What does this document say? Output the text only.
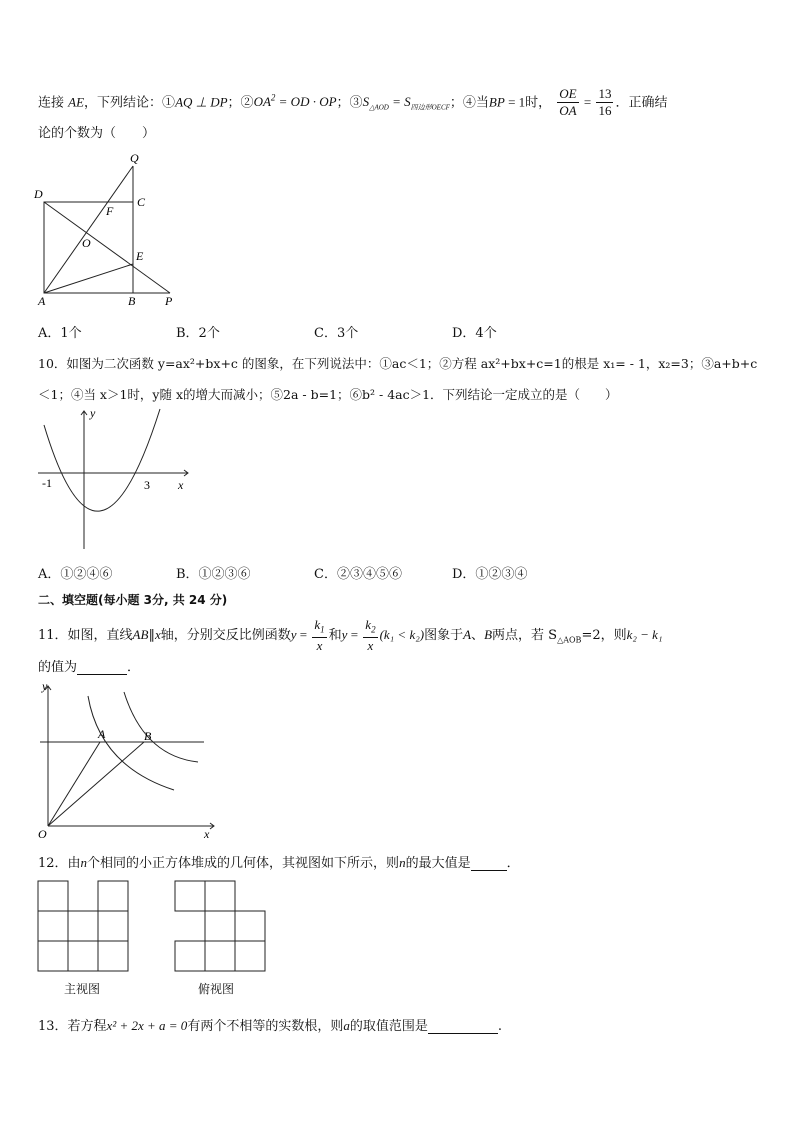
连接 AE，下列结论：①AQ ⊥ DP；$②OA^2$ = OD · OP；$③S_{\triangle AOD} = S_{四边形OECF}$；④当BP = 1时， $\frac{OE}{OA} = \frac{13}{16}$ ．正确结
论的个数为（　　）
Q
D
C
F
O
E
A	B P
A．1个	B．2个	C．3个	D．4个
10．如图为二次函数 y=ax²+bx+c 的图象，在下列说法中：①ac＜1；②方程 ax²+bx+c=1的根是 x₁= - 1，x₂=3；③a+b+c
＜1；④当 x＞1时，y随 x的增大而减小；⑤2a - b=1；⑥b² - 4ac＞1．下列结论一定成立的是（　　）
y
x
-1	3
A．①②④⑥	B．①②③⑥	C．②③④⑤⑥	D．①②③④
二、填空题(每小题 3分, 共 24 分)
11．如图，直线AB∥x轴，分别交反比例函数$y = \frac{k_1}{x}$ 和$y = \frac{k_2}{x} (k_1 < k_2)$图象于A、B两点，若 $S_{\triangle AOB}=2$，则k₂ − k₁
的值为	．
y
x
O
A	B
12．由n个相同的小正方体堆成的几何体，其视图如下所示，则n的最大值是	．
主视图	俯视图
13．若方程x² + 2x + a = 0有两个不相等的实数根，则a的取值范围是	.
